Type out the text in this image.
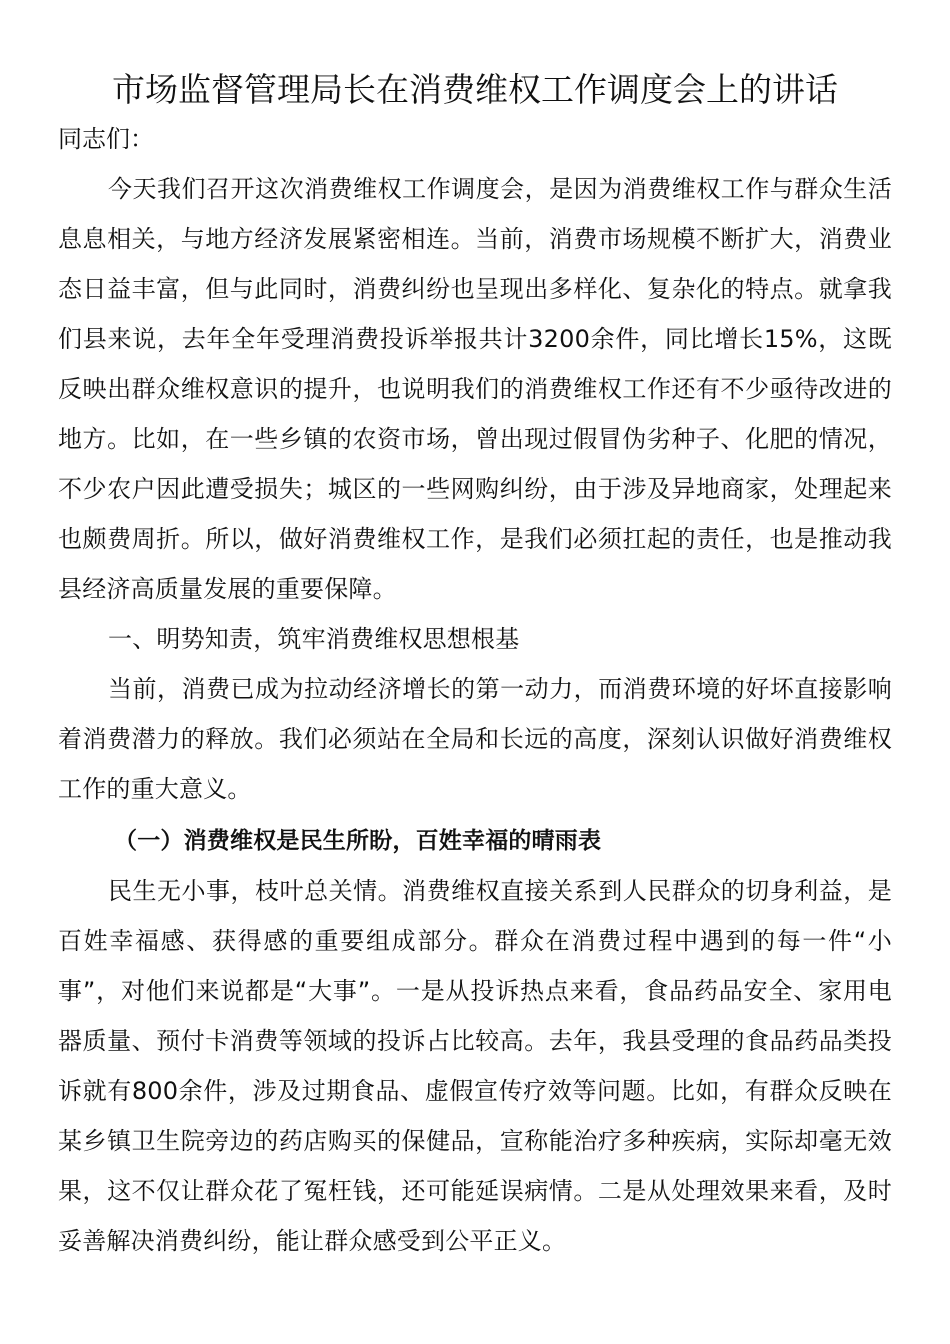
市场监督管理局长在消费维权工作调度会上的讲话

同志们：

今天我们召开这次消费维权工作调度会，是因为消费维权工作与群众生活息息相关，与地方经济发展紧密相连。当前，消费市场规模不断扩大，消费业态日益丰富，但与此同时，消费纠纷也呈现出多样化、复杂化的特点。就拿我们县来说，去年全年受理消费投诉举报共计3200余件，同比增长15%，这既反映出群众维权意识的提升，也说明我们的消费维权工作还有不少亟待改进的地方。比如，在一些乡镇的农资市场，曾出现过假冒伪劣种子、化肥的情况，不少农户因此遭受损失；城区的一些网购纠纷，由于涉及异地商家，处理起来也颇费周折。所以，做好消费维权工作，是我们必须扛起的责任，也是推动我县经济高质量发展的重要保障。

一、明势知责，筑牢消费维权思想根基

当前，消费已成为拉动经济增长的第一动力，而消费环境的好坏直接影响着消费潜力的释放。我们必须站在全局和长远的高度，深刻认识做好消费维权工作的重大意义。

（一）消费维权是民生所盼，百姓幸福的晴雨表

民生无小事，枝叶总关情。消费维权直接关系到人民群众的切身利益，是百姓幸福感、获得感的重要组成部分。群众在消费过程中遇到的每一件“小事”，对他们来说都是“大事”。一是从投诉热点来看，食品药品安全、家用电器质量、预付卡消费等领域的投诉占比较高。去年，我县受理的食品药品类投诉就有800余件，涉及过期食品、虚假宣传疗效等问题。比如，有群众反映在某乡镇卫生院旁边的药店购买的保健品，宣称能治疗多种疾病，实际却毫无效果，这不仅让群众花了冤枉钱，还可能延误病情。二是从处理效果来看，及时妥善解决消费纠纷，能让群众感受到公平正义。
